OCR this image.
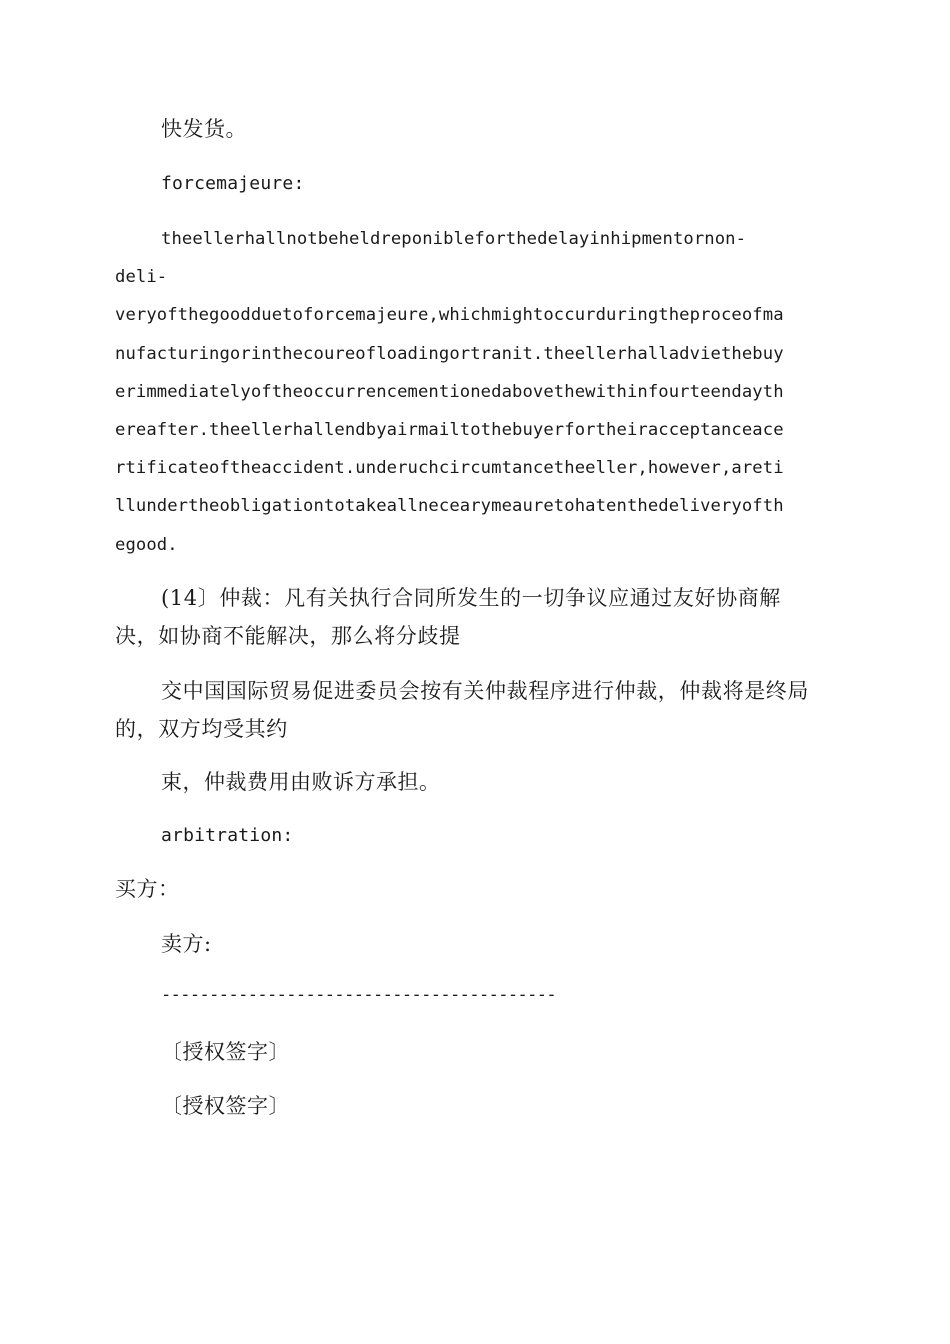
快发货。

forcemajeure:

theellerhallnotbeheldreponibleforthedelayinhipmentornon-
deli-
veryofthegoodduetoforcemajeure,whichmightoccurduringtheproceofma
nufacturingorinthecoureofloadingortranit.theellerhalladviethebuy
erimmediatelyoftheoccurrencementionedabovethewithinfourteendayth
ereafter.theellerhallendbyairmailtothebuyerfortheiracceptanceace
rtificateoftheaccident.underuchcircumtancetheeller,however,areti
llundertheobligationtotakeallnecearymeauretohatenthedeliveryofth
egood.
(14〕仲裁：凡有关执行合同所发生的一切争议应通过友好协商解
决，如协商不能解决，那么将分歧提
交中国国际贸易促进委员会按有关仲裁程序进行仲裁，仲裁将是终局
的，双方均受其约

束，仲裁费用由败诉方承担。

arbitration:

买方：

卖方:

-----------------------------------------

〔授权签字〕

〔授权签字〕
